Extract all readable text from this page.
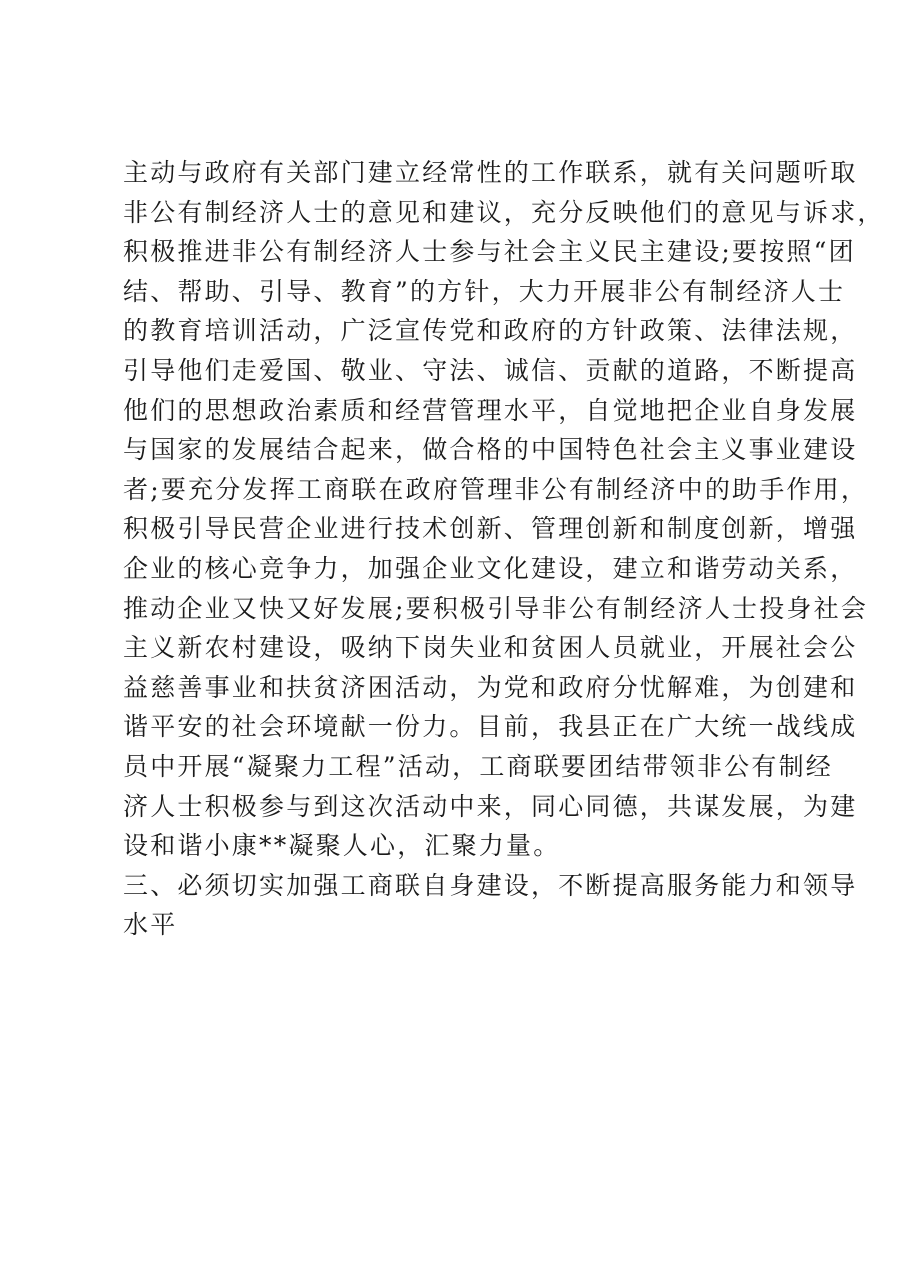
主动与政府有关部门建立经常性的工作联系，就有关问题听取
非公有制经济人士的意见和建议，充分反映他们的意见与诉求，
积极推进非公有制经济人士参与社会主义民主建设;要按照“团
结、帮助、引导、教育”的方针，大力开展非公有制经济人士
的教育培训活动，广泛宣传党和政府的方针政策、法律法规，
引导他们走爱国、敬业、守法、诚信、贡献的道路，不断提高
他们的思想政治素质和经营管理水平，自觉地把企业自身发展
与国家的发展结合起来，做合格的中国特色社会主义事业建设
者;要充分发挥工商联在政府管理非公有制经济中的助手作用，
积极引导民营企业进行技术创新、管理创新和制度创新，增强
企业的核心竞争力，加强企业文化建设，建立和谐劳动关系，
推动企业又快又好发展;要积极引导非公有制经济人士投身社会
主义新农村建设，吸纳下岗失业和贫困人员就业，开展社会公
益慈善事业和扶贫济困活动，为党和政府分忧解难，为创建和
谐平安的社会环境献一份力。目前，我县正在广大统一战线成
员中开展“凝聚力工程”活动，工商联要团结带领非公有制经
济人士积极参与到这次活动中来，同心同德，共谋发展，为建
设和谐小康**凝聚人心，汇聚力量。
三、必须切实加强工商联自身建设，不断提高服务能力和领导
水平
